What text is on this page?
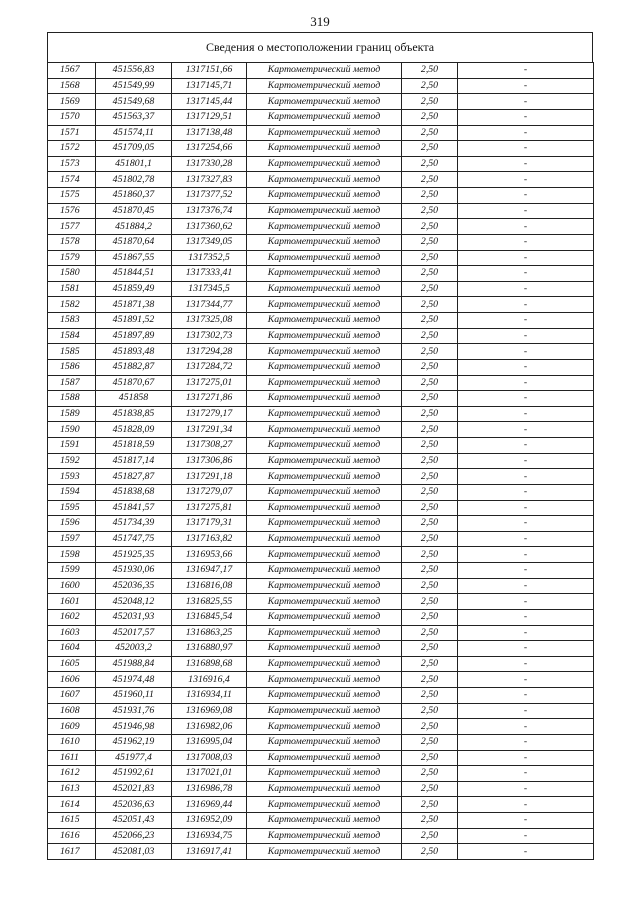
319
Сведения о местоположении границ объекта
1567	451556,83	1317151,66	Картометрический метод	2,50	-
1568	451549,99	1317145,71	Картометрический метод	2,50	-
1569	451549,68	1317145,44	Картометрический метод	2,50	-
1570	451563,37	1317129,51	Картометрический метод	2,50	-
1571	451574,11	1317138,48	Картометрический метод	2,50	-
1572	451709,05	1317254,66	Картометрический метод	2,50	-
1573	451801,1	1317330,28	Картометрический метод	2,50	-
1574	451802,78	1317327,83	Картометрический метод	2,50	-
1575	451860,37	1317377,52	Картометрический метод	2,50	-
1576	451870,45	1317376,74	Картометрический метод	2,50	-
1577	451884,2	1317360,62	Картометрический метод	2,50	-
1578	451870,64	1317349,05	Картометрический метод	2,50	-
1579	451867,55	1317352,5	Картометрический метод	2,50	-
1580	451844,51	1317333,41	Картометрический метод	2,50	-
1581	451859,49	1317345,5	Картометрический метод	2,50	-
1582	451871,38	1317344,77	Картометрический метод	2,50	-
1583	451891,52	1317325,08	Картометрический метод	2,50	-
1584	451897,89	1317302,73	Картометрический метод	2,50	-
1585	451893,48	1317294,28	Картометрический метод	2,50	-
1586	451882,87	1317284,72	Картометрический метод	2,50	-
1587	451870,67	1317275,01	Картометрический метод	2,50	-
1588	451858	1317271,86	Картометрический метод	2,50	-
1589	451838,85	1317279,17	Картометрический метод	2,50	-
1590	451828,09	1317291,34	Картометрический метод	2,50	-
1591	451818,59	1317308,27	Картометрический метод	2,50	-
1592	451817,14	1317306,86	Картометрический метод	2,50	-
1593	451827,87	1317291,18	Картометрический метод	2,50	-
1594	451838,68	1317279,07	Картометрический метод	2,50	-
1595	451841,57	1317275,81	Картометрический метод	2,50	-
1596	451734,39	1317179,31	Картометрический метод	2,50	-
1597	451747,75	1317163,82	Картометрический метод	2,50	-
1598	451925,35	1316953,66	Картометрический метод	2,50	-
1599	451930,06	1316947,17	Картометрический метод	2,50	-
1600	452036,35	1316816,08	Картометрический метод	2,50	-
1601	452048,12	1316825,55	Картометрический метод	2,50	-
1602	452031,93	1316845,54	Картометрический метод	2,50	-
1603	452017,57	1316863,25	Картометрический метод	2,50	-
1604	452003,2	1316880,97	Картометрический метод	2,50	-
1605	451988,84	1316898,68	Картометрический метод	2,50	-
1606	451974,48	1316916,4	Картометрический метод	2,50	-
1607	451960,11	1316934,11	Картометрический метод	2,50	-
1608	451931,76	1316969,08	Картометрический метод	2,50	-
1609	451946,98	1316982,06	Картометрический метод	2,50	-
1610	451962,19	1316995,04	Картометрический метод	2,50	-
1611	451977,4	1317008,03	Картометрический метод	2,50	-
1612	451992,61	1317021,01	Картометрический метод	2,50	-
1613	452021,83	1316986,78	Картометрический метод	2,50	-
1614	452036,63	1316969,44	Картометрический метод	2,50	-
1615	452051,43	1316952,09	Картометрический метод	2,50	-
1616	452066,23	1316934,75	Картометрический метод	2,50	-
1617	452081,03	1316917,41	Картометрический метод	2,50	-
